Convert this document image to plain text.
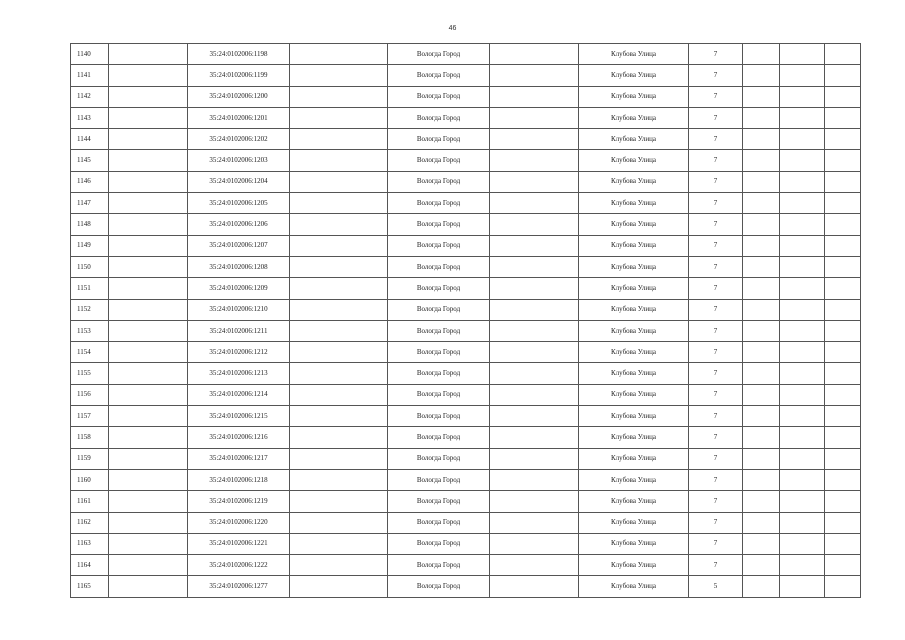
46
1140		35:24:0102006:1198		Вологда Город		Клубова Улица	7			
1141		35:24:0102006:1199		Вологда Город		Клубова Улица	7			
1142		35:24:0102006:1200		Вологда Город		Клубова Улица	7			
1143		35:24:0102006:1201		Вологда Город		Клубова Улица	7			
1144		35:24:0102006:1202		Вологда Город		Клубова Улица	7			
1145		35:24:0102006:1203		Вологда Город		Клубова Улица	7			
1146		35:24:0102006:1204		Вологда Город		Клубова Улица	7			
1147		35:24:0102006:1205		Вологда Город		Клубова Улица	7			
1148		35:24:0102006:1206		Вологда Город		Клубова Улица	7			
1149		35:24:0102006:1207		Вологда Город		Клубова Улица	7			
1150		35:24:0102006:1208		Вологда Город		Клубова Улица	7			
1151		35:24:0102006:1209		Вологда Город		Клубова Улица	7			
1152		35:24:0102006:1210		Вологда Город		Клубова Улица	7			
1153		35:24:0102006:1211		Вологда Город		Клубова Улица	7			
1154		35:24:0102006:1212		Вологда Город		Клубова Улица	7			
1155		35:24:0102006:1213		Вологда Город		Клубова Улица	7			
1156		35:24:0102006:1214		Вологда Город		Клубова Улица	7			
1157		35:24:0102006:1215		Вологда Город		Клубова Улица	7			
1158		35:24:0102006:1216		Вологда Город		Клубова Улица	7			
1159		35:24:0102006:1217		Вологда Город		Клубова Улица	7			
1160		35:24:0102006:1218		Вологда Город		Клубова Улица	7			
1161		35:24:0102006:1219		Вологда Город		Клубова Улица	7			
1162		35:24:0102006:1220		Вологда Город		Клубова Улица	7			
1163		35:24:0102006:1221		Вологда Город		Клубова Улица	7			
1164		35:24:0102006:1222		Вологда Город		Клубова Улица	7			
1165		35:24:0102006:1277		Вологда Город		Клубова Улица	5			
